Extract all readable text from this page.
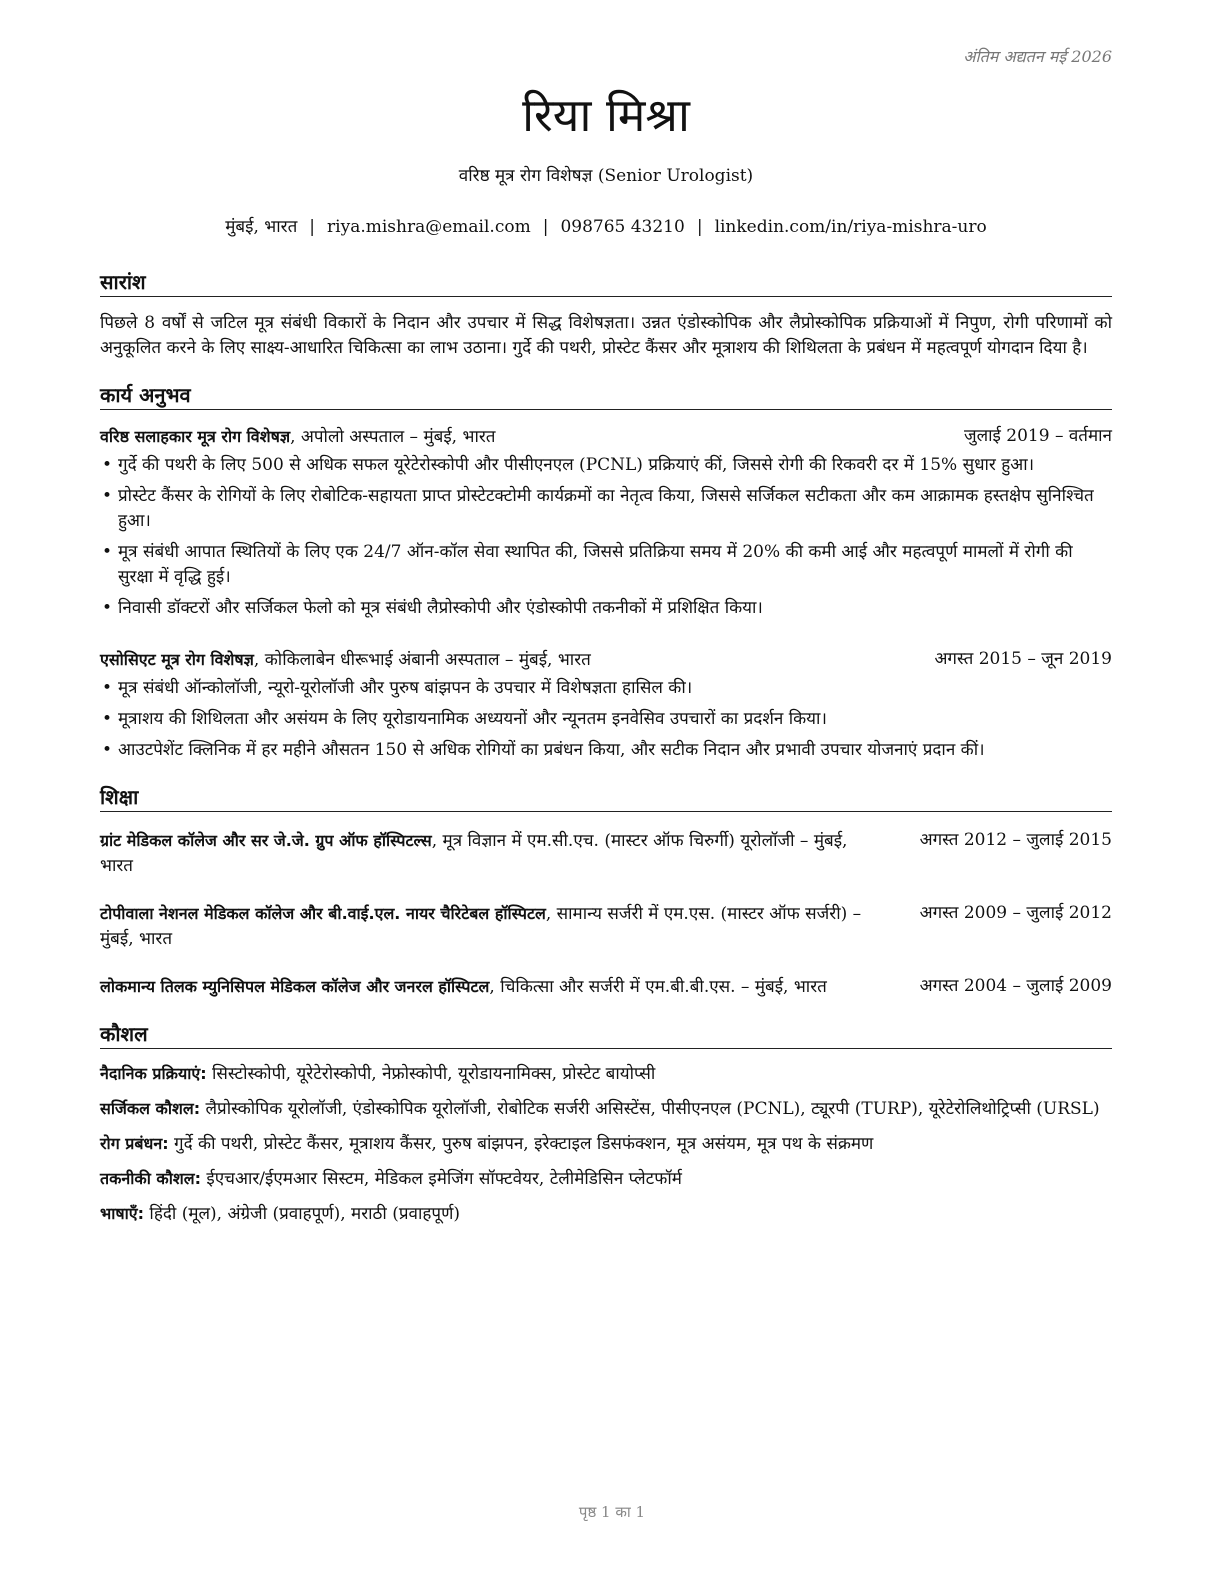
अंतिम अद्यतन मई 2026
रिया मिश्रा
वरिष्ठ मूत्र रोग विशेषज्ञ (Senior Urologist)
मुंबई, भारत | riya.mishra@email.com | 098765 43210 | linkedin.com/in/riya-mishra-uro
सारांश

पिछले 8 वर्षों से जटिल मूत्र संबंधी विकारों के निदान और उपचार में सिद्ध विशेषज्ञता। उन्नत एंडोस्कोपिक और लैप्रोस्कोपिक प्रक्रियाओं में निपुण, रोगी परिणामों को अनुकूलित करने के लिए साक्ष्य-आधारित चिकित्सा का लाभ उठाना। गुर्दे की पथरी, प्रोस्टेट कैंसर और मूत्राशय की शिथिलता के प्रबंधन में महत्वपूर्ण योगदान दिया है।

कार्य अनुभव
वरिष्ठ सलाहकार मूत्र रोग विशेषज्ञ, अपोलो अस्पताल – मुंबई, भारत	जुलाई 2019 – वर्तमान
• गुर्दे की पथरी के लिए 500 से अधिक सफल यूरेटेरोस्कोपी और पीसीएनएल (PCNL) प्रक्रियाएं कीं, जिससे रोगी की रिकवरी दर में 15% सुधार हुआ।
• प्रोस्टेट कैंसर के रोगियों के लिए रोबोटिक-सहायता प्राप्त प्रोस्टेटक्टोमी कार्यक्रमों का नेतृत्व किया, जिससे सर्जिकल सटीकता और कम आक्रामक हस्तक्षेप सुनिश्चित हुआ।
• मूत्र संबंधी आपात स्थितियों के लिए एक 24/7 ऑन-कॉल सेवा स्थापित की, जिससे प्रतिक्रिया समय में 20% की कमी आई और महत्वपूर्ण मामलों में रोगी की सुरक्षा में वृद्धि हुई।
• निवासी डॉक्टरों और सर्जिकल फेलो को मूत्र संबंधी लैप्रोस्कोपी और एंडोस्कोपी तकनीकों में प्रशिक्षित किया।
एसोसिएट मूत्र रोग विशेषज्ञ, कोकिलाबेन धीरूभाई अंबानी अस्पताल – मुंबई, भारत	अगस्त 2015 – जून 2019
• मूत्र संबंधी ऑन्कोलॉजी, न्यूरो-यूरोलॉजी और पुरुष बांझपन के उपचार में विशेषज्ञता हासिल की।
• मूत्राशय की शिथिलता और असंयम के लिए यूरोडायनामिक अध्ययनों और न्यूनतम इनवेसिव उपचारों का प्रदर्शन किया।
• आउटपेशेंट क्लिनिक में हर महीने औसतन 150 से अधिक रोगियों का प्रबंधन किया, और सटीक निदान और प्रभावी उपचार योजनाएं प्रदान कीं।
शिक्षा
ग्रांट मेडिकल कॉलेज और सर जे.जे. ग्रुप ऑफ हॉस्पिटल्स, मूत्र विज्ञान में एम.सी.एच. (मास्टर ऑफ चिरुर्गी) यूरोलॉजी – मुंबई, भारत
अगस्त 2012 – जुलाई 2015
टोपीवाला नेशनल मेडिकल कॉलेज और बी.वाई.एल. नायर चैरिटेबल हॉस्पिटल, सामान्य सर्जरी में एम.एस. (मास्टर ऑफ सर्जरी) – मुंबई, भारत
अगस्त 2009 – जुलाई 2012
लोकमान्य तिलक म्युनिसिपल मेडिकल कॉलेज और जनरल हॉस्पिटल, चिकित्सा और सर्जरी में एम.बी.बी.एस. – मुंबई, भारत	अगस्त 2004 – जुलाई 2009
कौशल
नैदानिक प्रक्रियाएं: सिस्टोस्कोपी, यूरेटेरोस्कोपी, नेफ्रोस्कोपी, यूरोडायनामिक्स, प्रोस्टेट बायोप्सी
सर्जिकल कौशल: लैप्रोस्कोपिक यूरोलॉजी, एंडोस्कोपिक यूरोलॉजी, रोबोटिक सर्जरी असिस्टेंस, पीसीएनएल (PCNL), ट्यूरपी (TURP), यूरेटेरोलिथोट्रिप्सी (URSL)
रोग प्रबंधन: गुर्दे की पथरी, प्रोस्टेट कैंसर, मूत्राशय कैंसर, पुरुष बांझपन, इरेक्टाइल डिसफंक्शन, मूत्र असंयम, मूत्र पथ के संक्रमण
तकनीकी कौशल: ईएचआर/ईएमआर सिस्टम, मेडिकल इमेजिंग सॉफ्टवेयर, टेलीमेडिसिन प्लेटफॉर्म
भाषाएँ: हिंदी (मूल), अंग्रेजी (प्रवाहपूर्ण), मराठी (प्रवाहपूर्ण)
पृष्ठ 1 का 1
